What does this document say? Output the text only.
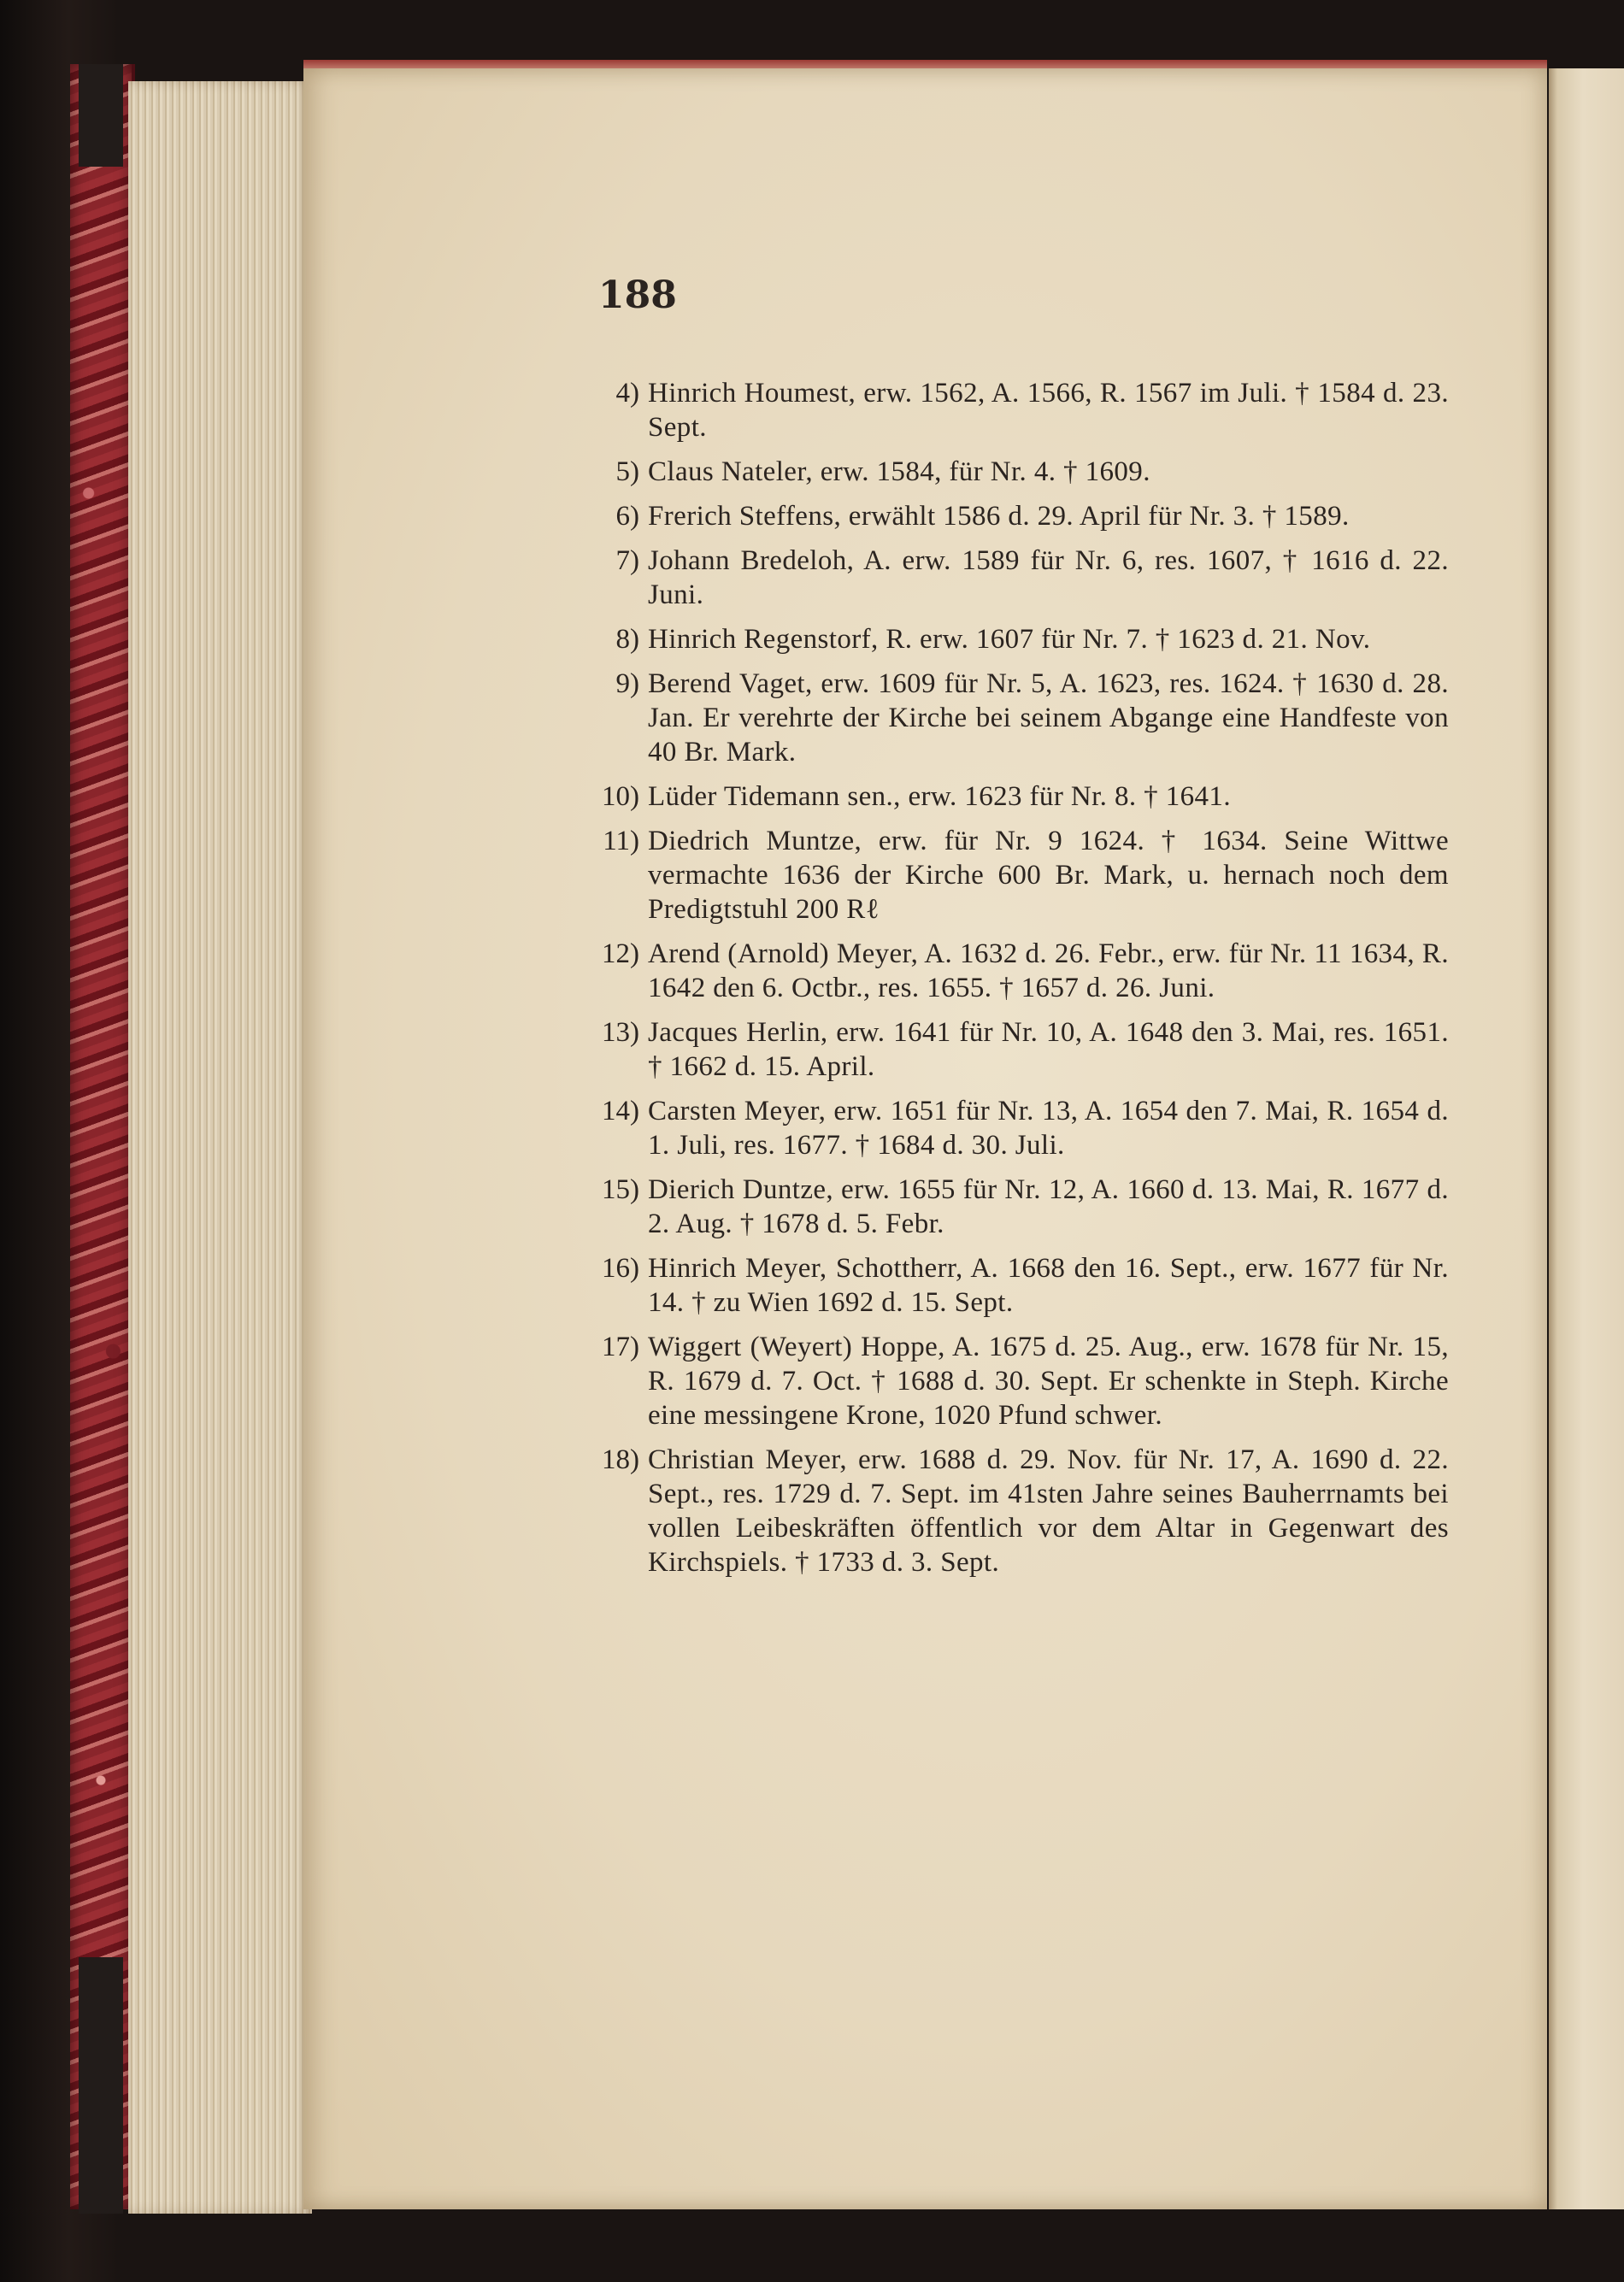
188
4) Hinrich Houmest, erw. 1562, A. 1566, R. 1567 im Juli. † 1584 d. 23. Sept.
5) Claus Nateler, erw. 1584, für Nr. 4. † 1609.
6) Frerich Steffens, erwählt 1586 d. 29. April für Nr. 3. † 1589.
7) Johann Bredeloh, A. erw. 1589 für Nr. 6, res. 1607, † 1616 d. 22. Juni.
8) Hinrich Regenstorf, R. erw. 1607 für Nr. 7. † 1623 d. 21. Nov.
9) Berend Vaget, erw. 1609 für Nr. 5, A. 1623, res. 1624. † 1630 d. 28. Jan. Er verehrte der Kirche bei seinem Abgange eine Handfeste von 40 Br. Mark.
10) Lüder Tidemann sen., erw. 1623 für Nr. 8. † 1641.
11) Diedrich Muntze, erw. für Nr. 9 1624. † 1634. Seine Wittwe vermachte 1636 der Kirche 600 Br. Mark, u. hernach noch dem Predigtstuhl 200 Rℓ
12) Arend (Arnold) Meyer, A. 1632 d. 26. Febr., erw. für Nr. 11 1634, R. 1642 den 6. Octbr., res. 1655. † 1657 d. 26. Juni.
13) Jacques Herlin, erw. 1641 für Nr. 10, A. 1648 den 3. Mai, res. 1651. † 1662 d. 15. April.
14) Carsten Meyer, erw. 1651 für Nr. 13, A. 1654 den 7. Mai, R. 1654 d. 1. Juli, res. 1677. † 1684 d. 30. Juli.
15) Dierich Duntze, erw. 1655 für Nr. 12, A. 1660 d. 13. Mai, R. 1677 d. 2. Aug. † 1678 d. 5. Febr.
16) Hinrich Meyer, Schottherr, A. 1668 den 16. Sept., erw. 1677 für Nr. 14. † zu Wien 1692 d. 15. Sept.
17) Wiggert (Weyert) Hoppe, A. 1675 d. 25. Aug., erw. 1678 für Nr. 15, R. 1679 d. 7. Oct. † 1688 d. 30. Sept. Er schenkte in Steph. Kirche eine messingene Krone, 1020 Pfund schwer.
18) Christian Meyer, erw. 1688 d. 29. Nov. für Nr. 17, A. 1690 d. 22. Sept., res. 1729 d. 7. Sept. im 41sten Jahre seines Bauherrnamts bei vollen Leibeskräften öffentlich vor dem Altar in Gegenwart des Kirchspiels. † 1733 d. 3. Sept.
